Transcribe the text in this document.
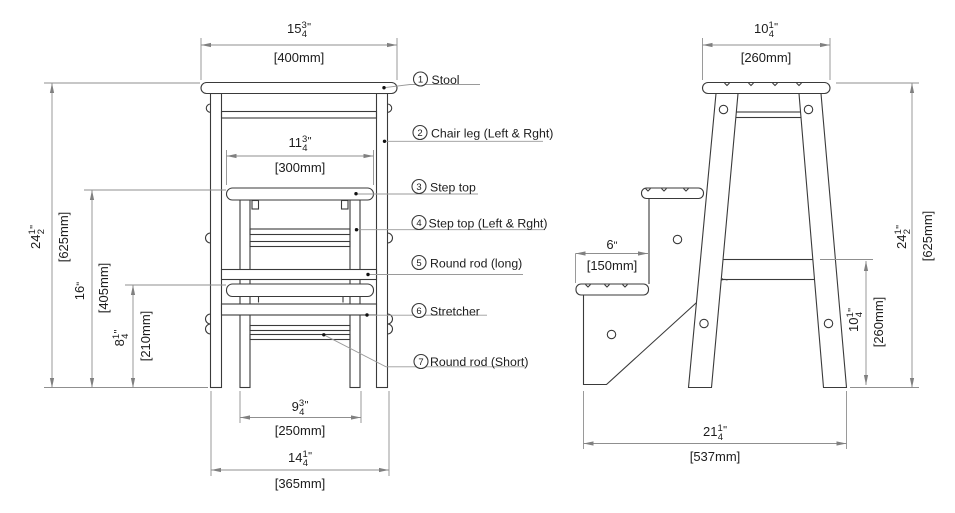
$15^3$ 4"
[400mm]
$11^3$ 4"
[300mm]
$9^3$ 4"
[250mm]
$14^1$ 4"
[365mm]
$24^12^"$	[625mm]
16" [405mm]
$8^14^"$	[210mm]
$10^1$ 4"
[260mm]
6"
[150mm]
$10^14^"$ [260mm]
$24^12^"$	[625mm]
$21^1$ 4"
[537mm]
1 Stool
2 Chair leg (Left & Rght)
3 Step top
4 Step top (Left & Rght)
5 Round rod (long)
6 Stretcher
7 Round rod (Short)
